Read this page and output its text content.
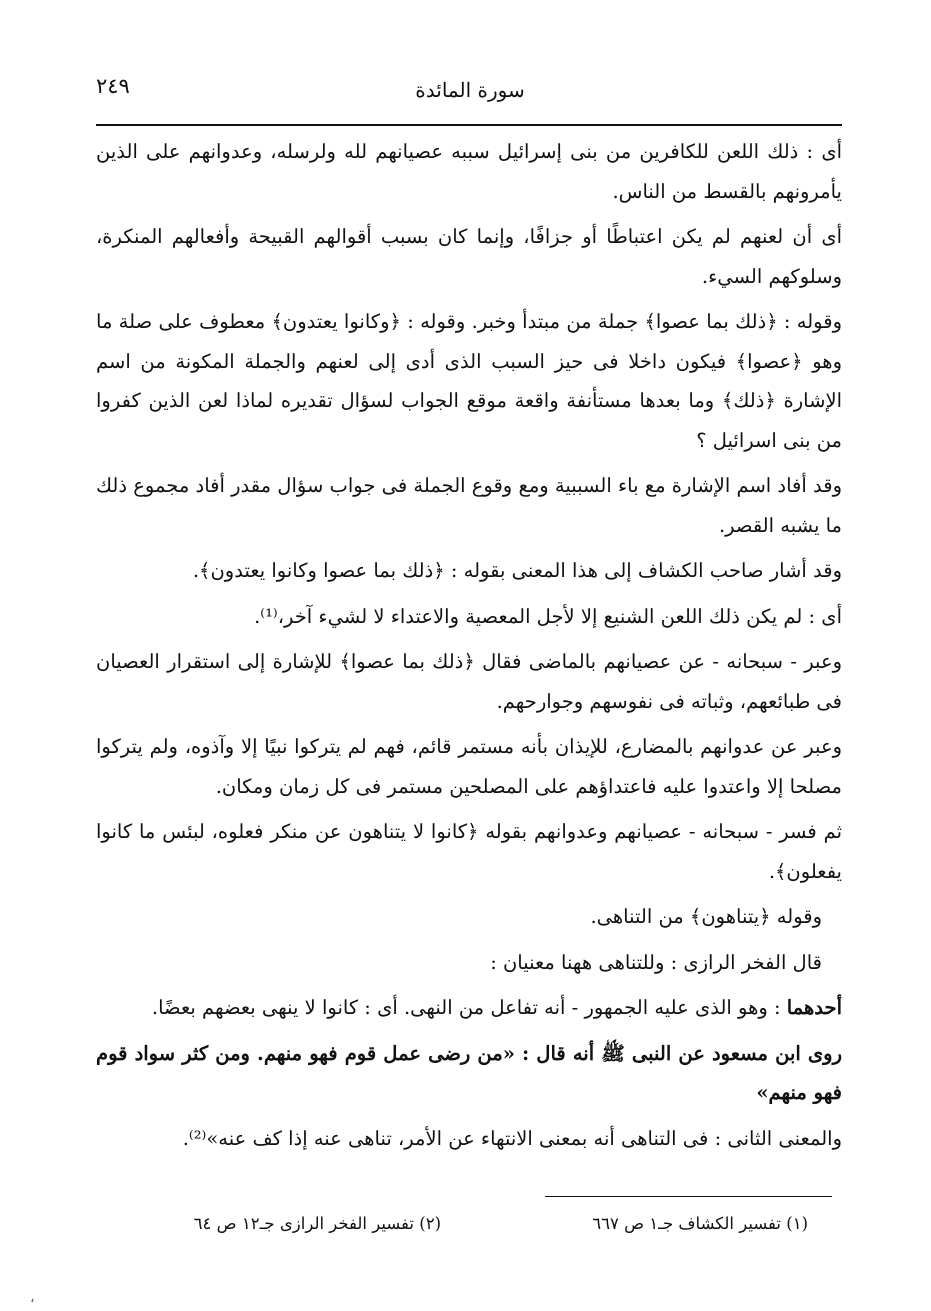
٢٤٩	سورة المائدة

أى : ذلك اللعن للكافرين من بنى إسرائيل سببه عصيانهم لله ولرسله، وعدوانهم على الذين يأمرونهم بالقسط من الناس.

أى أن لعنهم لم يكن اعتباطًا أو جزافًا، وإنما كان بسبب أقوالهم القبيحة وأفعالهم المنكرة، وسلوكهم السيء.

وقوله : ﴿ذلك بما عصوا﴾ جملة من مبتدأ وخبر. وقوله : ﴿وكانوا يعتدون﴾ معطوف على صلة ما وهو ﴿عصوا﴾ فيكون داخلا فى حيز السبب الذى أدى إلى لعنهم والجملة المكونة من اسم الإشارة ﴿ذلك﴾ وما بعدها مستأنفة واقعة موقع الجواب لسؤال تقديره لماذا لعن الذين كفروا من بنى اسرائيل ؟

وقد أفاد اسم الإشارة مع باء السببية ومع وقوع الجملة فى جواب سؤال مقدر أفاد مجموع ذلك ما يشبه القصر.

وقد أشار صاحب الكشاف إلى هذا المعنى بقوله : ﴿ذلك بما عصوا وكانوا يعتدون﴾.

أى : لم يكن ذلك اللعن الشنيع إلا لأجل المعصية والاعتداء لا لشيء آخر،⁽¹⁾.

وعبر - سبحانه - عن عصيانهم بالماضى فقال ﴿ذلك بما عصوا﴾ للإشارة إلى استقرار العصيان فى طبائعهم، وثباته فى نفوسهم وجوارحهم.

وعبر عن عدوانهم بالمضارع، للإيذان بأنه مستمر قائم، فهم لم يتركوا نبيًا إلا وآذوه، ولم يتركوا مصلحا إلا واعتدوا عليه فاعتداؤهم على المصلحين مستمر فى كل زمان ومكان.

ثم فسر - سبحانه - عصيانهم وعدوانهم بقوله ﴿كانوا لا يتناهون عن منكر فعلوه، لبئس ما كانوا يفعلون﴾.

وقوله ﴿يتناهون﴾ من التناهى.

قال الفخر الرازى : وللتناهى ههنا معنيان :

أحدهما : وهو الذى عليه الجمهور - أنه تفاعل من النهى. أى : كانوا لا ينهى بعضهم بعضًا.

روى ابن مسعود عن النبى ﷺ أنه قال : «من رضى عمل قوم فهو منهم. ومن كثر سواد قوم فهو منهم»

والمعنى الثانى : فى التناهى أنه بمعنى الانتهاء عن الأمر، تناهى عنه إذا كف عنه»⁽²⁾.

(١) تفسير الكشاف جـ١ ص ٦٦٧
(٢) تفسير الفخر الرازى جـ١٢ ص ٦٤
،
